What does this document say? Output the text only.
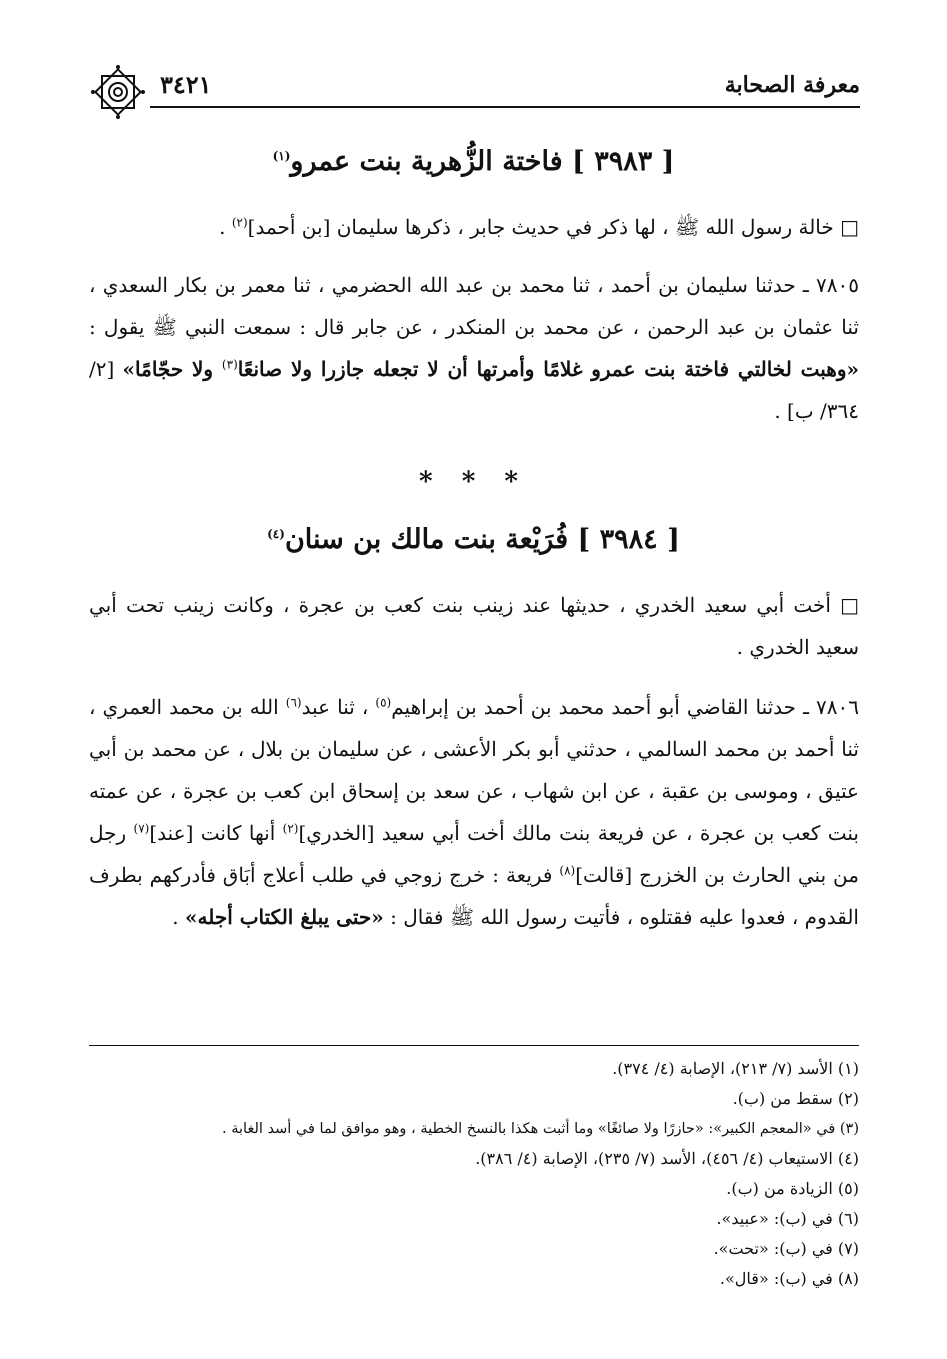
٣٤٢١	معرفة الصحابة
[ ٣٩٨٣ ] فاختة الزُّهرية بنت عمرو$^{(١)}$
□ خالة رسول الله ﷺ ، لها ذكر في حديث جابر ، ذكرها سليمان [بن أحمد]$^{(٢)}$ .
٧٨٠٥ ـ حدثنا سليمان بن أحمد ، ثنا محمد بن عبد الله الحضرمي ، ثنا معمر بن بكار السعدي ، ثنا عثمان بن عبد الرحمن ، عن محمد بن المنكدر ، عن جابر قال : سمعت النبي ﷺ يقول : «وهبت لخالتي فاختة بنت عمرو غلامًا وأمرتها أن لا تجعله جازرا ولا صانعًا$^{(٣)}$ ولا حجّامًا» [٢/ ٣٦٤/ ب] .
* * *
[ ٣٩٨٤ ] فُرَيْعة بنت مالك بن سنان$^{(٤)}$
□ أخت أبي سعيد الخدري ، حديثها عند زينب بنت كعب بن عجرة ، وكانت زينب تحت أبي سعيد الخدري .
٧٨٠٦ ـ حدثنا القاضي أبو أحمد محمد بن أحمد بن إبراهيم$^{(٥)}$ ، ثنا عبد$^{(٦)}$ الله بن محمد العمري ، ثنا أحمد بن محمد السالمي ، حدثني أبو بكر الأعشى ، عن سليمان بن بلال ، عن محمد بن أبي عتيق ، وموسى بن عقبة ، عن ابن شهاب ، عن سعد بن إسحاق ابن كعب بن عجرة ، عن عمته بنت كعب بن عجرة ، عن فريعة بنت مالك أخت أبي سعيد [الخدري]$^{(٢)}$ أنها كانت [عند]$^{(٧)}$ رجل من بني الحارث بن الخزرج [قالت]$^{(٨)}$ فريعة : خرج زوجي في طلب أعلاج أبَاق فأدركهم بطرف القدوم ، فعدوا عليه فقتلوه ، فأتيت رسول الله ﷺ فقال : «حتى يبلغ الكتاب أجله» .
(١) الأسد (٧/ ٢١٣)، الإصابة (٤/ ٣٧٤).
(٢) سقط من (ب).
(٣) في «المعجم الكبير»: «حازرًا ولا صائغًا» وما أثبت هكذا بالنسخ الخطية ، وهو موافق لما في أسد الغابة .
(٤) الاستيعاب (٤/ ٤٥٦)، الأسد (٧/ ٢٣٥)، الإصابة (٤/ ٣٨٦).
(٥) الزيادة من (ب).
(٦) في (ب): «عبيد».
(٧) في (ب): «تحت».
(٨) في (ب): «قال».
